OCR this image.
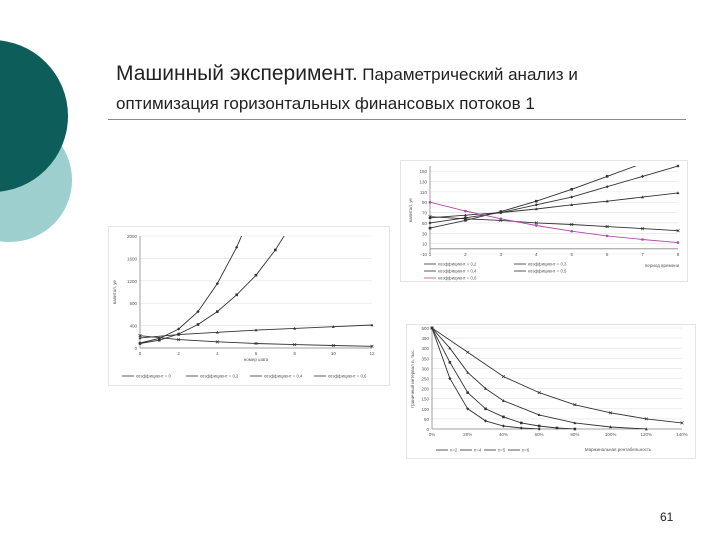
Машинный эксперимент. Параметрический анализ и
оптимизация горизонтальных финансовых потоков 1
0
400
800
1200
1600
2000
0	2	4	6	8	10	12
номер шага
капитал, уе
коэффициент = 0	коэффициент = 0,2	коэффициент = 0,4	коэффициент = 0,6
-10
10
30
50
70
90
110
130
150
1	2	3	4	5	6	7	8
период времени
капитал, уе
коэффициент = 0,2	коэффициент = 0,3
коэффициент = 0,4	коэффициент = 0,5
коэффициент = 0,6
0
50
100
150
200
250
300
350
400
450
500
0%	20%	40%	60%	80%	100%	120%	140%
Маржинальная рентабельность
Граничный интервал n, тыс.
n=2	n=4	n=5	n=6
61
